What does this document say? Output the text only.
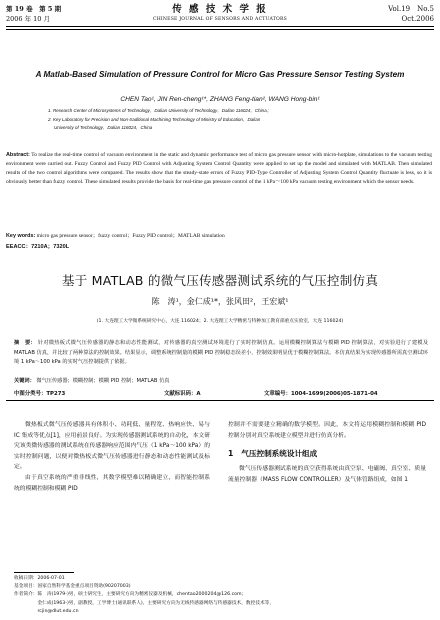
第 19 卷　第 5 期
2006 年 10 月
传 感 技 术 学 报
CHINESE JOURNAL OF SENSORS AND ACTUATORS
Vol.19　No.5
Oct.2006
A Matlab-Based Simulation of Pressure Control for Micro Gas Pressure Sensor Testing System
CHEN Tao¹, JIN Ren-cheng¹*, ZHANG Feng-tian², WANG Hong-bin¹
1. Research Center of Microsystems of Technology，Dalian University of Technology，Dalian 116024，China；
2. Key Laboratory for Precision and Non-traditional Machining Technology of Ministry of Education，Dalian
University of Technology，Dalian 116024，China
Abstract: To realize the real-time control of vacuum environment in the static and dynamic performance test of micro gas pressure sensor with micro-hotplate, simulations to the vacuum testing environment were carried out. Fuzzy Control and Fuzzy PID Control with Adjusting System Control Quantity were applied to set up the model and simulated with MATLAB. Then simulated results of the two control algorithms were compared. The results show that the steady-state errors of Fuzzy PID-Type Controller of Adjusting System Control Quantity fluctuate is less, so it is obviously better than fuzzy control. These simulated results provide the basis for real-time gas pressure control of the 1 kPa～100 kPa vacuum testing environment which the sensor needs.
Key words: micro gas pressure sensor；fuzzy control；Fuzzy PID control；MATLAB simulation
EEACC：7210A；7320L
基于 MATLAB 的微气压传感器测试系统的气压控制仿真
陈　涛¹，金仁成¹*，张风田²，王宏斌¹
(1. 大连理工大学微系统研究中心，大连 116024；2. 大连理工大学精密与特种加工教育部重点实验室，大连 116024)
摘　要： 针对微热板式微气压传感器的静态和动态性能测试，对传感器的真空测试环境进行了实时控制仿真。运用模糊控制算法与模糊 PID 控制算法，对实验进行了建模及 MATLAB 仿真，并比较了两种算法的控制效果。结果显示，调整系统控制量的模糊 PID 控制稳态误差小，控制效果明显优于模糊控制算法。本仿真结果为实现传感器所需真空测试环境 1 kPa～100 kPa 的实时气压控制提供了依据。
关键词： 微气压传感器；模糊控制；模糊 PID 控制；MATLAB 仿真
中图分类号：TP273	文献标识码：A	文章编号：1004-1699(2006)05-1871-04

微热板式微气压传感器具有体积小、功耗低、量程宽、热响应快、易与 IC 集成等优点[1]，应用前景良好。为实现传感器测试系统的自动化，本文研究该类微传感器的测试系统在传感器响应范围内气压（1 kPa～100 kPa）的实时控制问题，以便对微热板式微气压传感器进行静态和动态性能测试及标定。

由于真空系统的严重非线性，其数学模型难以精确建立，而智能控制系统的模糊控制和模糊 PID

控制并不需要建立精确的数学模型。因此，本文将运用模糊控制和模糊 PID 控制分别对真空系统建立模型并进行仿真分析。
1 气压控制系统设计组成

微气压传感器测试系统的真空获得系统由真空泵、电磁阀、真空室、质量流量控制器（MASS FLOW CONTROLLER）及气体管路组成，如图 1

收稿日期：2006-07-01
基金项目：国家自然科学基金重点项目资助(90207003)
作者简介：陈　涛(1979-)男，硕士研究生，主要研究方向为精密仪器及机械，chentao2000204@126.com；
　　　　　金仁成(1963-)男，副教授，工学博士(通讯联系人)，主要研究方向为无线传感器网络与传感器技术，数控技术等，
　　　　　rcjin@dlut.edu.cn
